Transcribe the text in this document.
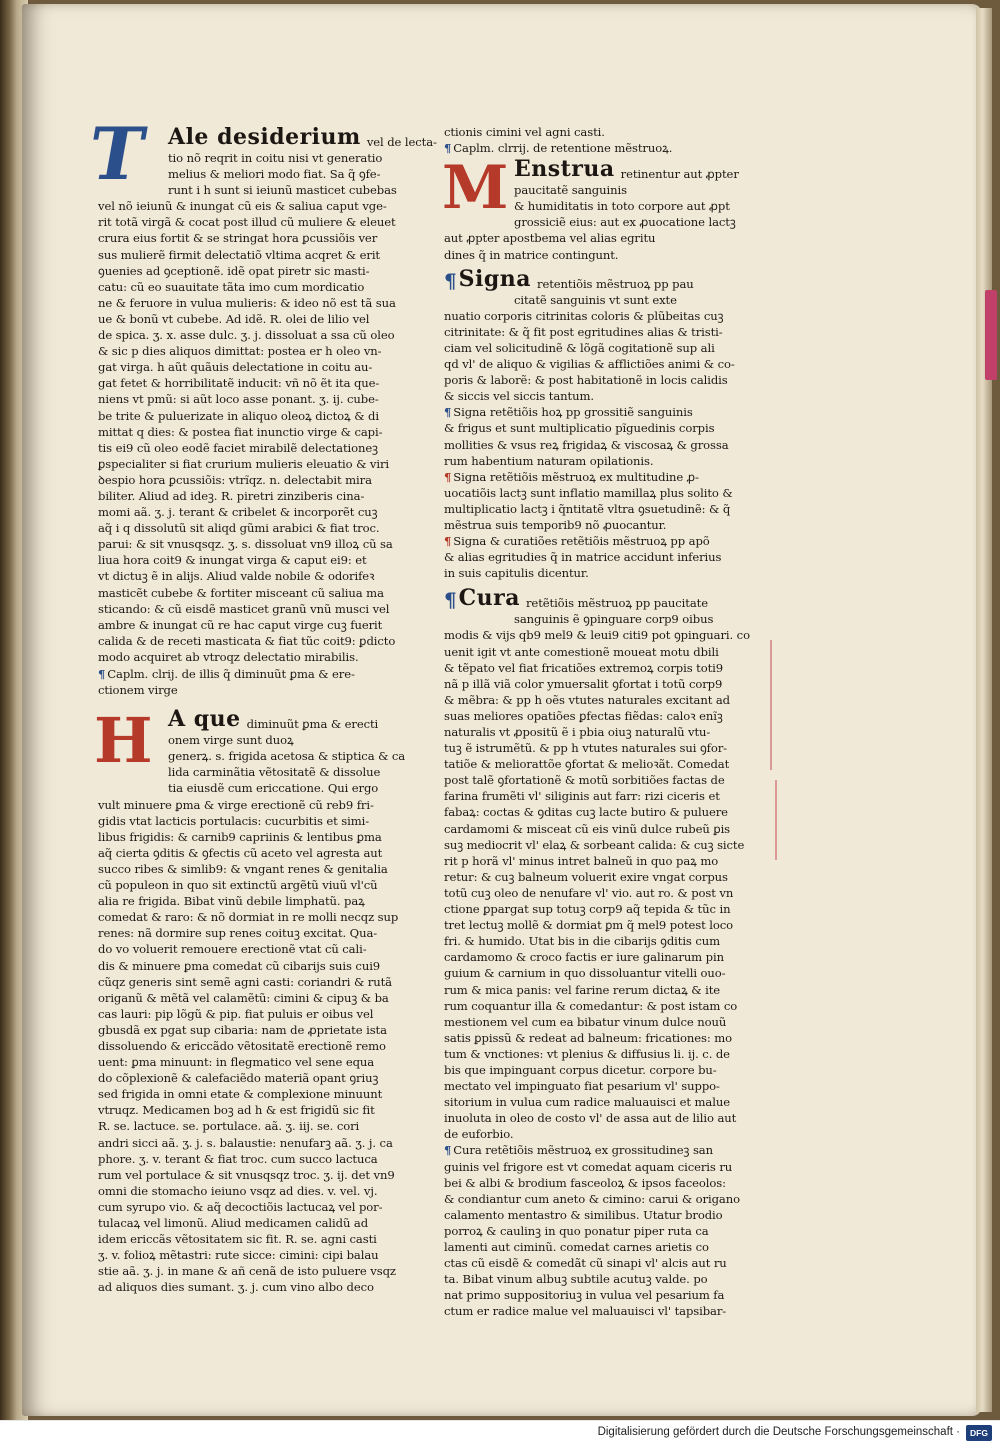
T Ale desiderium vel de lecta-
tio nõ reqrit in coitu nisi vt generatio
melius & meliori modo fiat. Sa q̃ ꝯfe-
runt i h sunt si ieiunũ masticet cubebas
vel nõ ieiunũ & inungat cũ eis & saliua caput vge-
rit totã virgã & cocat post illud cũ muliere & eleuet
crura eius fortit & se stringat hora ꝑcussiõis ver
sus mulierẽ firmit delectatiõ vltima acqret & erit
ꝯuenies ad ꝯceptionẽ. idẽ opat piretr sic masti-
catu: cũ eo suauitate tãta imo cum mordicatio
ne & feruore in vulua mulieris: & ideo nõ est tã sua
ue & bonũ vt cubebe. Ad idẽ. R. olei de lilio vel
de spica. ʒ. x. asse dulc. ʒ. j. dissoluat a ssa cũ oleo
& sic p dies aliquos dimittat: postea er h oleo vn-
gat virga. h aũt quãuis delectatione in coitu au-
gat fetet & horribilitatẽ inducit: vñ nõ ẽt ita que-
niens vt pmũ: si aũt loco asse ponant. ʒ. ij. cube-
be trite & puluerizate in aliquo oleoꝝ dictoꝝ & di
mittat q dies: & postea fiat inunctio virge & capi-
tis ei9 cũ oleo eodẽ faciet mirabilẽ delectationeꝫ
ꝑspecialiter si fiat crurium mulieris eleuatio & viri
ꝺespio hora ꝑcussiõis: vtrĩqz. n. delectabit mira
biliter. Aliud ad ideꝫ. R. piretri zinziberis cina-
momi aã. ʒ. j. terant & cribelet & incorporẽt cuꝫ
aq̃ i q dissolutũ sit aliqd gũmi arabici & fiat troc.
parui: & sit vnusqsqz. ʒ. s. dissoluat vn9 illoꝝ cũ sa
liua hora coit9 & inungat virga & caput ei9: et
vt dictuꝫ ẽ in alijs. Aliud valde nobile & odorifeꝛ
masticẽt cubebe & fortiter misceant cũ saliua ma
sticando: & cũ eisdẽ masticet granũ vnũ musci vel
ambre & inungat cũ re hac caput virge cuꝫ fuerit
calida & de receti masticata & fiat tũc coit9: ꝑdicto
modo acquiret ab vtroqz delectatio mirabilis.
¶ Caplm. clrij. de illis q̃ diminuũt ꝑma & ere-
ctionem virge
H A que diminuũt ꝑma & erecti
onem virge sunt duoꝝ
generꝝ. s. frigida acetosa & stiptica & ca
lida carminãtia vẽtositatẽ & dissolue
tia eiusdẽ cum ericcatione. Qui ergo
vult minuere ꝑma & virge erectionẽ cũ reb9 fri-
gidis vtat lacticis portulacis: cucurbitis et simi-
libus frigidis: & carnib9 capriinis & lentibus ꝑma
aq̃ cierta ꝯditis & ꝯfectis cũ aceto vel agresta aut
succo ribes & simlib9: & vngant renes & genitalia
cũ populeon in quo sit extinctũ argẽtũ viuũ vl'cũ
alia re frigida. Bibat vinũ debile limphatũ. paꝝ
comedat & raro: & nõ dormiat in re molli necqz sup
renes: nã dormire sup renes coituꝫ excitat. Qua-
do vo voluerit remouere erectionẽ vtat cũ cali-
dis & minuere ꝑma comedat cũ cibarijs suis cui9
cũqz generis sint semẽ agni casti: coriandri & rutã
origanũ & mẽtã vel calamẽtũ: cimini & cipuꝫ & ba
cas lauri: pip lõgũ & pip. fiat puluis er oibus vel
gbusdã ex pgat sup cibaria: nam de ꝓprietate ista
dissoluendo & ericcãdo vẽtositatẽ erectionẽ remo
uent: ꝑma minuunt: in flegmatico vel sene equa
do cõplexionẽ & calefaciẽdo materiã opant ꝯriuꝫ
sed frigida in omni etate & complexione minuunt
vtruqz. Medicamen boꝫ ad h & est frigidũ sic fit
R. se. lactuce. se. portulace. aã. ʒ. iij. se. cori
andri sicci aã. ʒ. j. s. balaustie: nenufarꝫ aã. ʒ. j. ca
phore. ʒ. v. terant & fiat troc. cum succo lactuca
rum vel portulace & sit vnusqsqz troc. ʒ. ij. det vn9
omni die stomacho ieiuno vsqz ad dies. v. vel. vj.
cum syrupo vio. & aq̃ decoctiõis lactucaꝝ vel por-
tulacaꝝ vel limonũ. Aliud medicamen calidũ ad
idem ericcãs vẽtositatem sic fit. R. se. agni casti
ʒ. v. folioꝝ mẽtastri: rute sicce: cimini: cipi balau
stie aã. ʒ. j. in mane & añ cenã de isto puluere vsqz
ad aliquos dies sumant. ʒ. j. cum vino albo deco
ctionis cimini vel agni casti.
¶ Caplm. clrrij. de retentione mẽstruoꝝ.
M Enstrua retinentur aut ꝓpter
paucitatẽ sanguinis
& humiditatis in toto corpore aut ꝓpt
grossiciẽ eius: aut ex ꝓuocatione lactꝫ
aut ꝓpter apostbema vel alias egritu
dines q̃ in matrice contingunt.
¶Signa retentiõis mẽstruoꝝ pp pau
citatẽ sanguinis vt sunt exte
nuatio corporis citrinitas coloris & plũbeitas cuꝫ
citrinitate: & q̃ fit post egritudines alias & tristi-
ciam vel solicitudinẽ & lõgã cogitationẽ sup ali
qd vl' de aliquo & vigilias & afflictiões animi & co-
poris & laborẽ: & post habitationẽ in locis calidis
& siccis vel siccis tantum.
¶ Signa retẽtiõis hoꝝ pp grossitiẽ sanguinis
& frigus et sunt multiplicatio pĩguedinis corpis
mollities & vsus reꝝ frigidaꝝ & viscosaꝝ & grossa
rum habentium naturam opilationis.
¶ Signa retẽtiõis mẽstruoꝝ ex multitudine ꝓ-
uocatiõis lactꝫ sunt inflatio mamillaꝝ plus solito &
multiplicatio lactꝫ i q̃ntitatẽ vltra ꝯsuetudinẽ: & q̃
mẽstrua suis temporib9 nõ ꝓuocantur.
¶ Signa & curatiões retẽtiõis mẽstruoꝝ pp apõ
& alias egritudies q̃ in matrice accidunt inferius
in suis capitulis dicentur.
¶Cura retẽtiõis mẽstruoꝝ pp paucitate
sanguinis ẽ ꝯpinguare corp9 oibus
modis & vijs qb9 mel9 & leui9 citi9 pot ꝯpinguari. co
uenit igit vt ante comestionẽ moueat motu dbili
& tẽpato vel fiat fricatiões extremoꝝ corpis toti9
nã p illã viã color ymuersalit ꝯfortat i totũ corp9
& mẽbra: & pp h oẽs vtutes naturales excitant ad
suas meliores opatiões ꝑfectas fiẽdas: caloꝛ enĩꝫ
naturalis vt ꝓpositũ ẽ i pbia oiuꝫ naturalũ vtu-
tuꝫ ẽ istrumẽtũ. & pp h vtutes naturales sui ꝯfor-
tatiõe & meliorattõe ꝯfortat & melioꝛãt. Comedat
post talẽ ꝯfortationẽ & motũ sorbitiões factas de
farina frumẽti vl' siliginis aut farr: rizi ciceris et
fabaꝝ: coctas & ꝯditas cuꝫ lacte butiro & puluere
cardamomi & misceat cũ eis vinũ dulce rubeũ ꝑis
suꝫ mediocrit vl' elaꝝ & sorbeant calida: & cuꝫ sicte
rit p horã vl' minus intret balneũ in quo paꝝ mo
retur: & cuꝫ balneum voluerit exire vngat corpus
totũ cuꝫ oleo de nenufare vl' vio. aut ro. & post vn
ctione ꝑpargat sup totuꝫ corp9 aq̃ tepida & tũc in
tret lectuꝫ mollẽ & dormiat ꝑm q̃ mel9 potest loco
fri. & humido. Utat bis in die cibarijs ꝯditis cum
cardamomo & croco factis er iure galinarum pin
guium & carnium in quo dissoluantur vitelli ouo-
rum & mica panis: vel farine rerum dictaꝝ & ite
rum coquantur illa & comedantur: & post istam co
mestionem vel cum ea bibatur vinum dulce nouũ
satis ꝑpissũ & redeat ad balneum: fricationes: mo
tum & vnctiones: vt plenius & diffusius li. ij. c. de
bis que impinguant corpus dicetur. corpore bu-
mectato vel impinguato fiat pesarium vl' suppo-
sitorium in vulua cum radice maluauisci et malue
inuoluta in oleo de costo vl' de assa aut de lilio aut
de euforbio.
¶ Cura retẽtiõis mẽstruoꝝ ex grossitudineꝫ san
guinis vel frigore est vt comedat aquam ciceris ru
bei & albi & brodium fasceoloꝝ & ipsos faceolos:
& condiantur cum aneto & cimino: carui & origano
calamento mentastro & similibus. Utatur brodio
porroꝝ & caulinꝫ in quo ponatur piper ruta ca
lamenti aut ciminũ. comedat carnes arietis co
ctas cũ eisdẽ & comedãt cũ sinapi vl' alcis aut ru
ta. Bibat vinum albuꝫ subtile acutuꝫ valde. po
nat primo suppositoriuꝫ in vulua vel pesarium fa
ctum er radice malue vel maluauisci vl' tapsibar-
Digitalisierung gefördert durch die Deutsche Forschungsgemeinschaft ·	DFG
